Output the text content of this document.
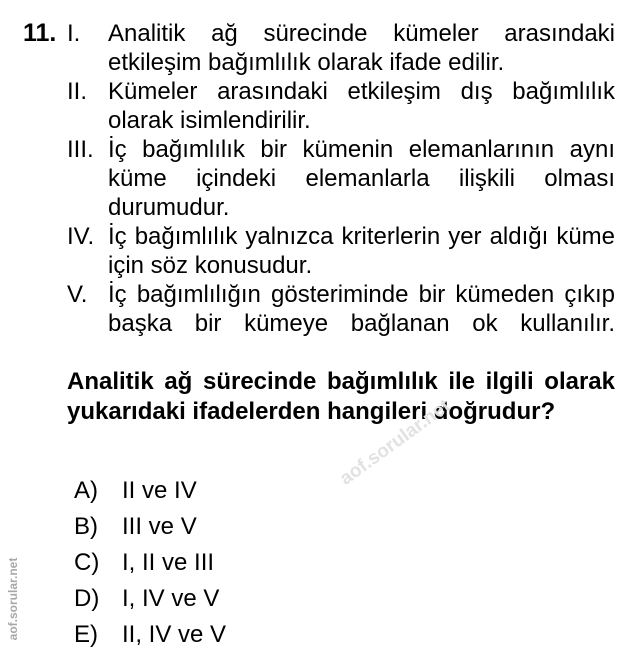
11. I.	Analitik ağ sürecinde kümeler arasındaki etkileşim bağımlılık olarak ifade edilir.
II. Kümeler arasındaki etkileşim dış bağımlılık olarak isimlendirilir.
III. İç bağımlılık bir kümenin elemanlarının aynı küme içindeki elemanlarla ilişkili olması durumudur.
IV. İç bağımlılık yalnızca kriterlerin yer aldığı küme için söz konusudur.
V. İç bağımlılığın gösteriminde bir kümeden çıkıp başka bir kümeye bağlanan ok kullanılır.
Analitik ağ sürecinde bağımlılık ile ilgili olarak yukarıdaki ifadelerden hangileri doğrudur?
aof.sorular.net
A)	II ve IV
B)	III ve V
C) I, II ve III
D) I, IV ve V
E)	II, IV ve V
aof.sorular.net
